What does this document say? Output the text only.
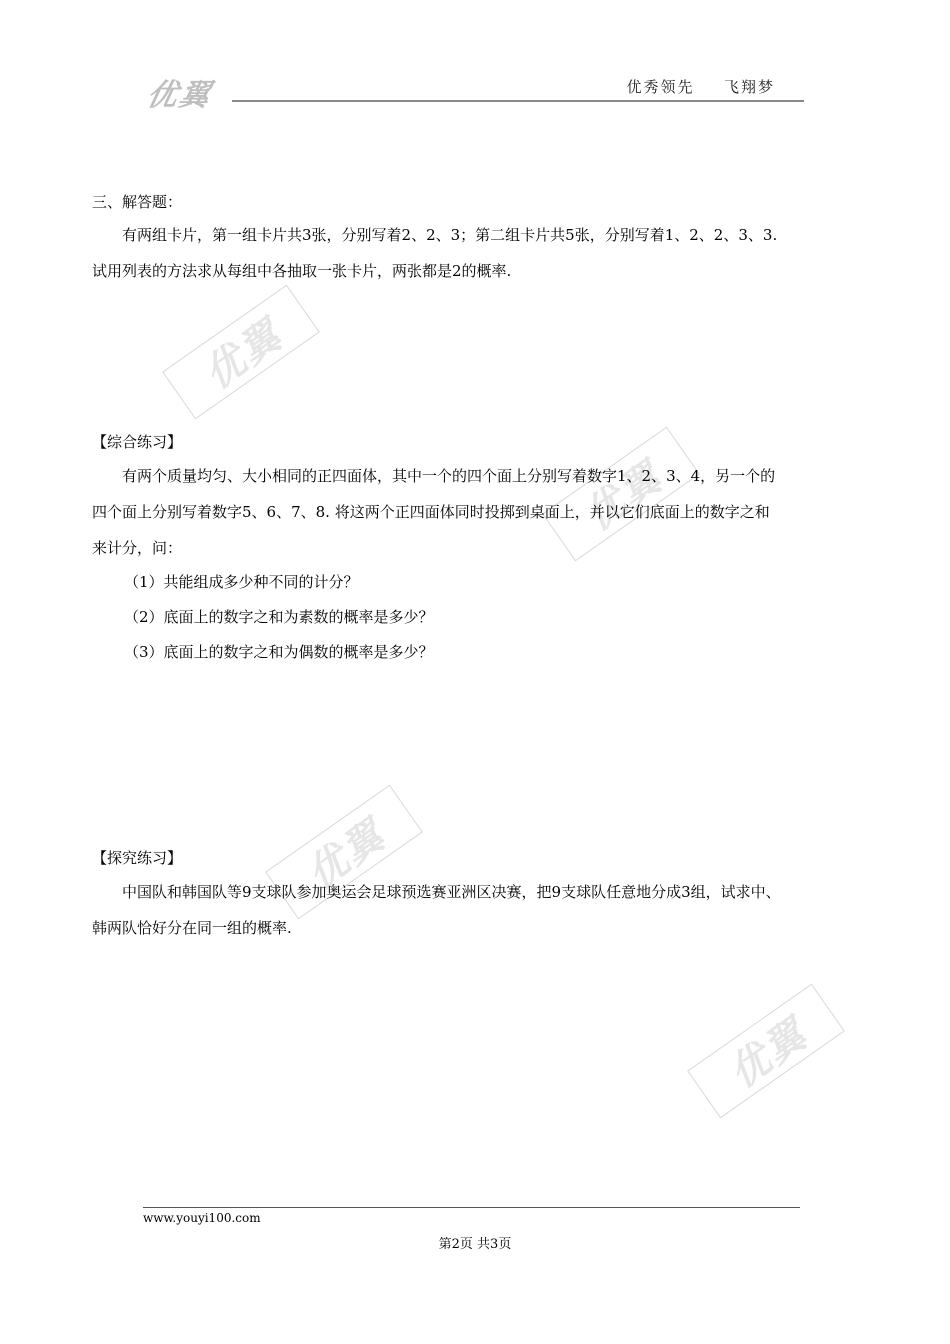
优翼	优秀领先  飞翔梦
优翼
优翼
优翼
优翼
三、解答题：
有两组卡片，第一组卡片共3张，分别写着2、2、3；第二组卡片共5张，分别写着1、2、2、3、3. 试用列表的方法求从每组中各抽取一张卡片，两张都是2的概率.
【综合练习】
有两个质量均匀、大小相同的正四面体，其中一个的四个面上分别写着数字1、2、3、4，另一个的四个面上分别写着数字5、6、7、8. 将这两个正四面体同时投掷到桌面上，并以它们底面上的数字之和来计分，问：
（1）共能组成多少种不同的计分？
（2）底面上的数字之和为素数的概率是多少？
（3）底面上的数字之和为偶数的概率是多少？
【探究练习】
中国队和韩国队等9支球队参加奥运会足球预选赛亚洲区决赛，把9支球队任意地分成3组，试求中、韩两队恰好分在同一组的概率.
www.youyi100.com
第2页 共3页
